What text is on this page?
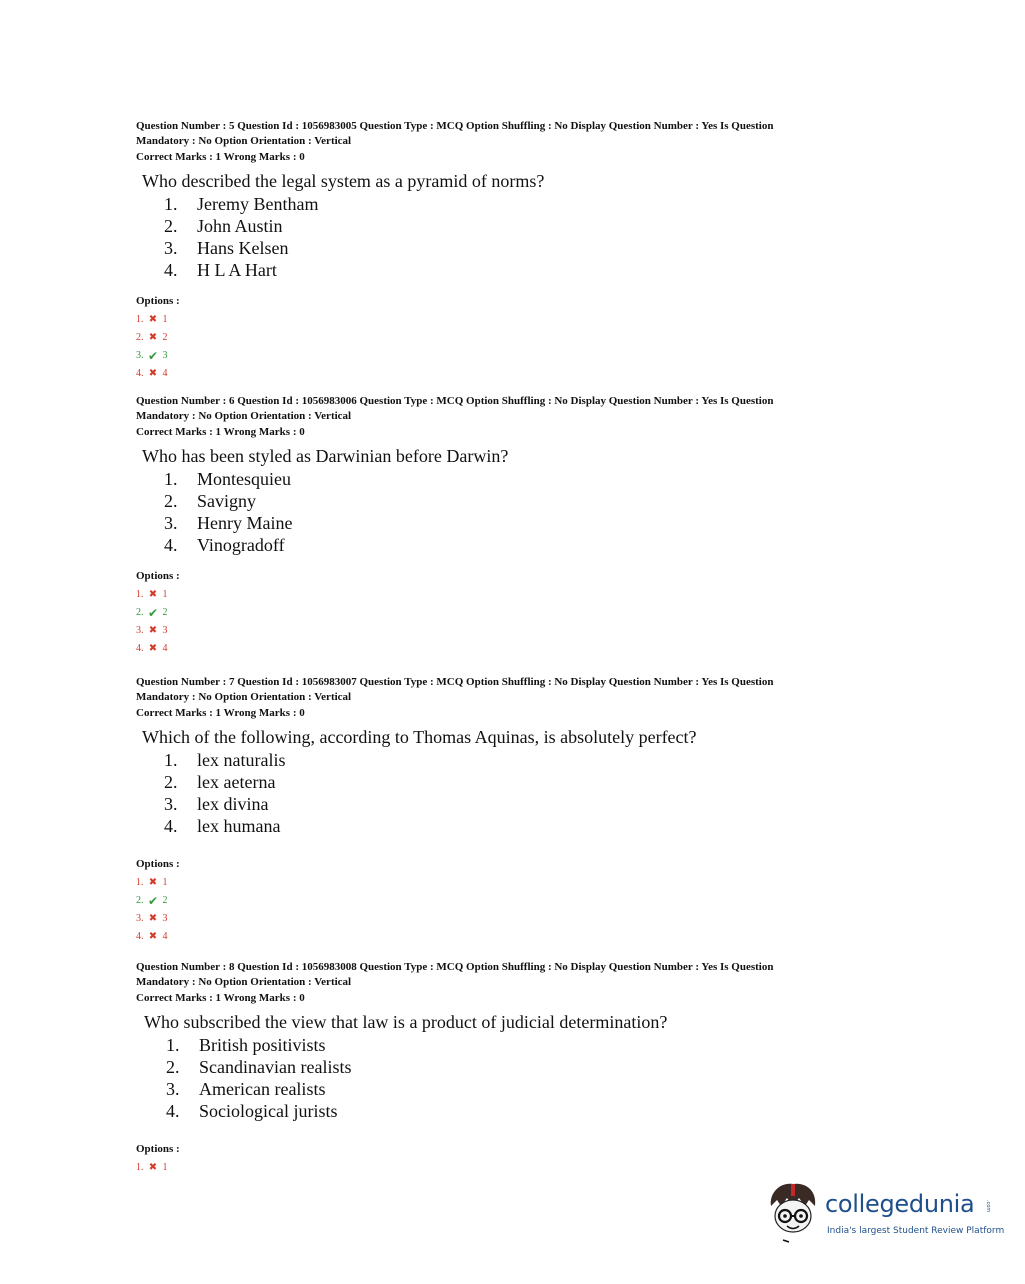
Question Number : 5 Question Id : 1056983005 Question Type : MCQ Option Shuffling : No Display Question Number : Yes Is Question
Mandatory : No Option Orientation : Vertical
Correct Marks : 1 Wrong Marks : 0
Who described the legal system as a pyramid of norms?
1.	Jeremy Bentham
2.	John Austin
3.	Hans Kelsen
4.	H L A Hart
Options :
1. ✖ 1
2. ✖ 2
3. ✔ 3
4. ✖ 4
Question Number : 6 Question Id : 1056983006 Question Type : MCQ Option Shuffling : No Display Question Number : Yes Is Question
Mandatory : No Option Orientation : Vertical
Correct Marks : 1 Wrong Marks : 0
Who has been styled as Darwinian before Darwin?
1.	Montesquieu
2.	Savigny
3.	Henry Maine
4.	Vinogradoff
Options :
1. ✖ 1
2. ✔ 2
3. ✖ 3
4. ✖ 4
Question Number : 7 Question Id : 1056983007 Question Type : MCQ Option Shuffling : No Display Question Number : Yes Is Question
Mandatory : No Option Orientation : Vertical
Correct Marks : 1 Wrong Marks : 0
Which of the following, according to Thomas Aquinas, is absolutely perfect?
1.	lex naturalis
2.	lex aeterna
3.	lex divina
4.	lex humana
Options :
1. ✖ 1
2. ✔ 2
3. ✖ 3
4. ✖ 4
Question Number : 8 Question Id : 1056983008 Question Type : MCQ Option Shuffling : No Display Question Number : Yes Is Question
Mandatory : No Option Orientation : Vertical
Correct Marks : 1 Wrong Marks : 0
Who subscribed the view that law is a product of judicial determination?
1.	British positivists
2.	Scandinavian realists
3.	American realists
4.	Sociological jurists
Options :
1. ✖ 1
collegedunia .com
India's largest Student Review Platform
